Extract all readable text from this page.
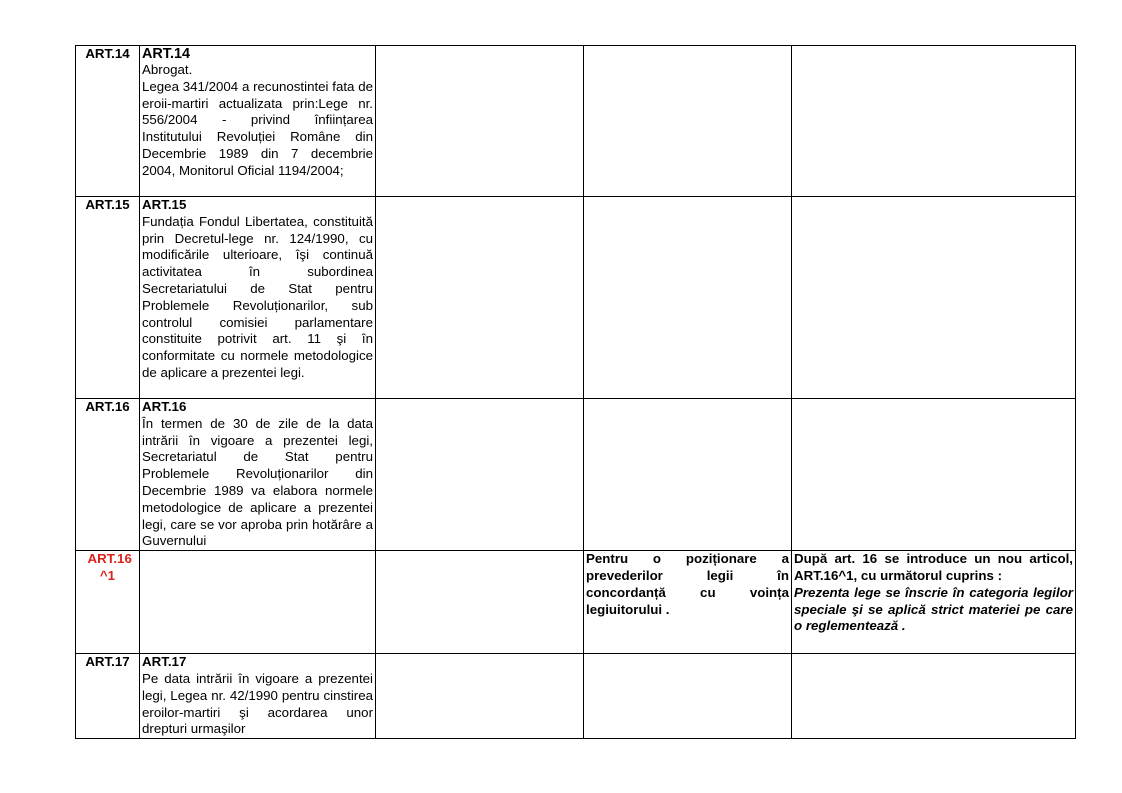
ART.14	ART.14
Abrogat.
Legea 341/2004 a recunostintei fata de eroii-martiri actualizata prin:Lege nr. 556/2004 - privind înființarea Institutului Revoluției Române din Decembrie 1989 din 7 decembrie 2004, Monitorul Oficial 1194/2004;			

ART.15	ART.15
Fundația Fondul Libertatea, constituită prin Decretul-lege nr. 124/1990, cu modificările ulterioare, îşi continuă activitatea în subordinea Secretariatului de Stat pentru Problemele Revoluționarilor, sub controlul comisiei parlamentare constituite potrivit art. 11 şi în conformitate cu normele metodologice de aplicare a prezentei legi.			

ART.16	ART.16
În termen de 30 de zile de la data intrării în vigoare a prezentei legi, Secretariatul de Stat pentru Problemele Revoluționarilor din Decembrie 1989 va elabora normele metodologice de aplicare a prezentei legi, care se vor aproba prin hotărâre a Guvernului			

ART.16 ^1			Pentru o poziționare a prevederilor legii în concordanță cu voința legiuitorului .	După art. 16 se introduce un nou articol, ART.16^1, cu următorul cuprins :
Prezenta lege se înscrie în categoria legilor speciale şi se aplică strict materiei pe care o reglementează .

ART.17	ART.17
Pe data intrării în vigoare a prezentei legi, Legea nr. 42/1990 pentru cinstirea eroilor-martiri şi acordarea unor drepturi urmaşilor			
